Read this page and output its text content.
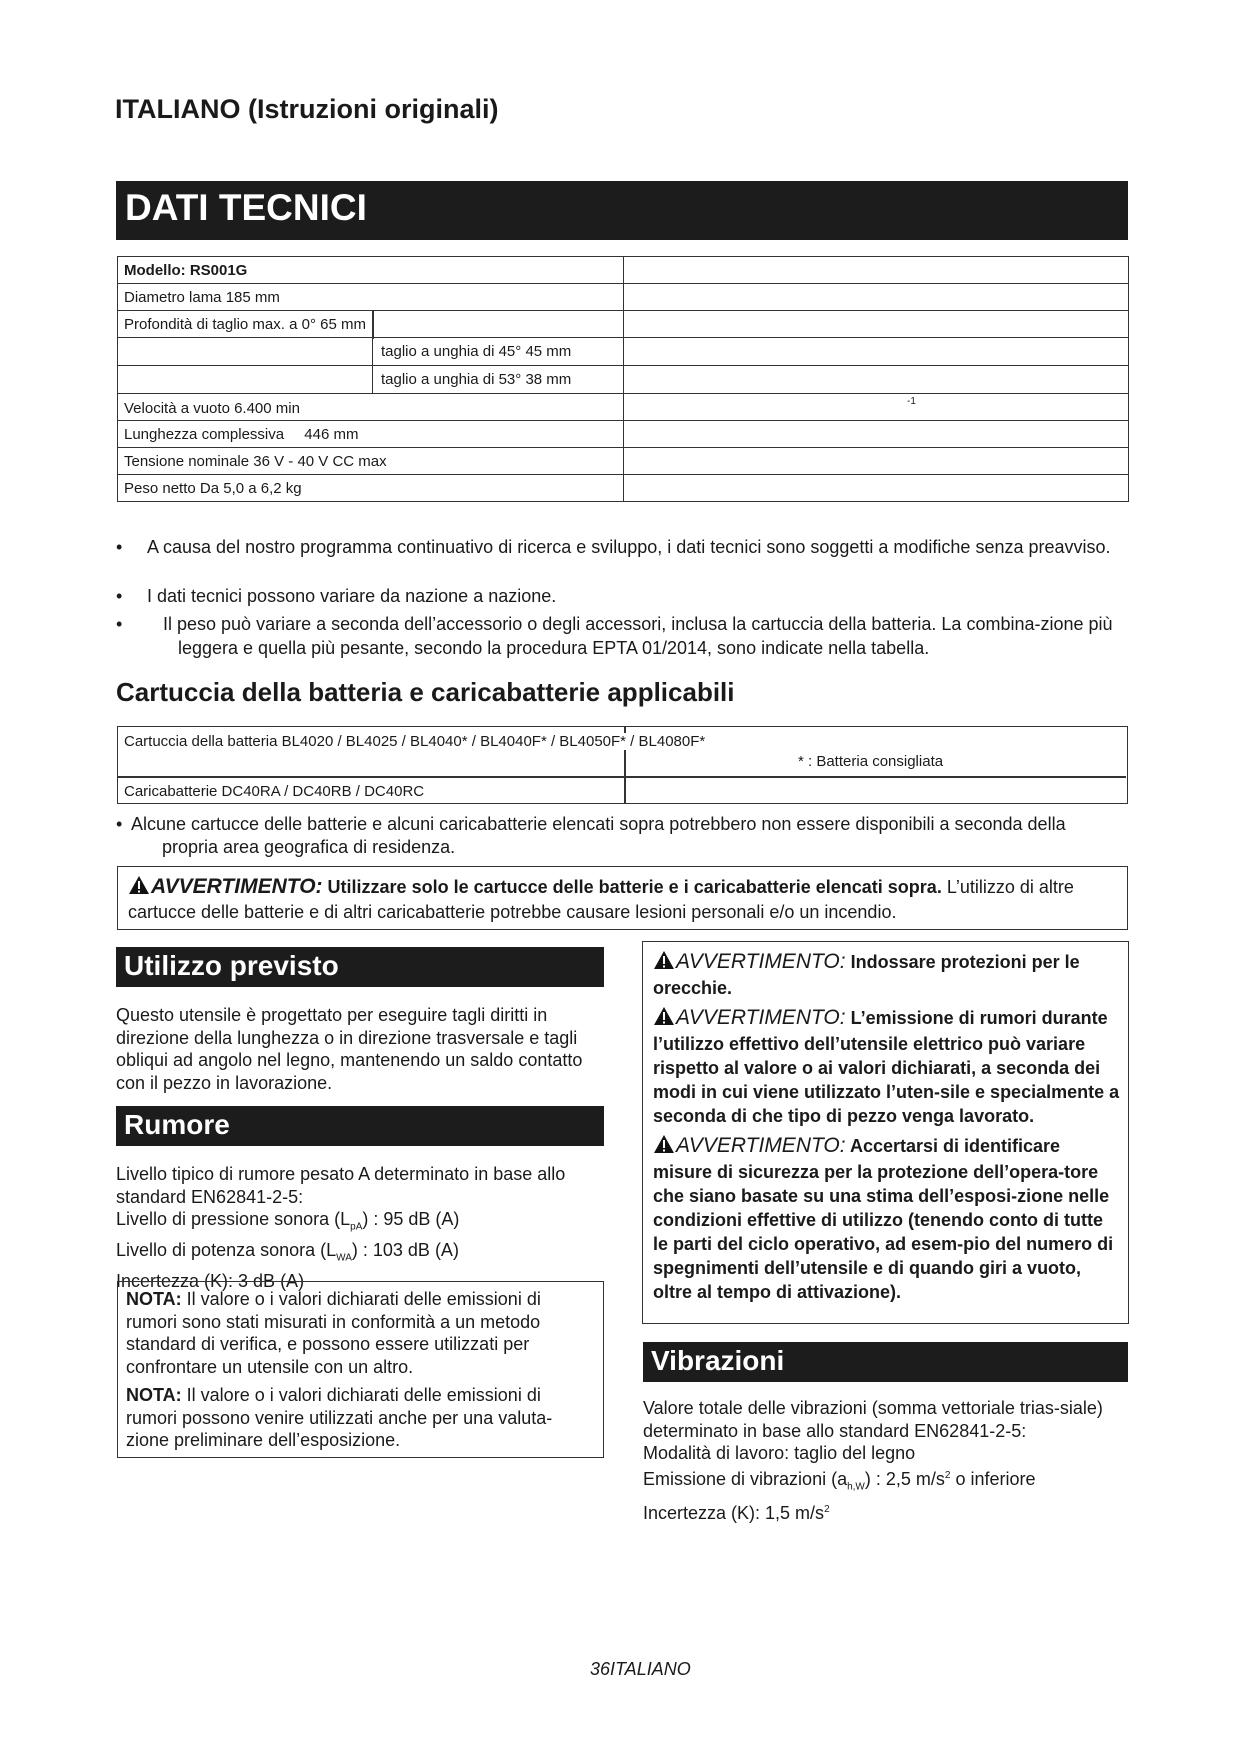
ITALIANO (Istruzioni originali)
DATI TECNICI
Modello: RS001G	
Diametro lama 185 mm	
Profondità di taglio max. a 0° 65 mm

taglio a unghia di 45° 45 mm	

taglio a unghia di 53° 38 mm	

Velocità a vuoto 6.400 min	-1

Lunghezza complessiva 446 mm	
Tensione nominale 36 V - 40 V CC max	
Peso netto Da 5,0 a 6,2 kg	
• A causa del nostro programma continuativo di ricerca e sviluppo, i dati tecnici sono soggetti a modifiche senza preavviso.
• I dati tecnici possono variare da nazione a nazione.
• Il peso può variare a seconda dell’accessorio o degli accessori, inclusa la cartuccia della batteria. La combina-zione più leggera e quella più pesante, secondo la procedura EPTA 01/2014, sono indicate nella tabella.
Cartuccia della batteria e caricabatterie applicabili
Cartuccia della batteria BL4020 / BL4025 / BL4040* / BL4040F* / BL4050F* / BL4080F*
* : Batteria consigliata
Caricabatterie DC40RA / DC40RB / DC40RC
• Alcune cartucce delle batterie e alcuni caricabatterie elencati sopra potrebbero non essere disponibili a seconda della propria area geografica di residenza.
AVVERTIMENTO: Utilizzare solo le cartucce delle batterie e i caricabatterie elencati sopra. L’utilizzo di altre cartucce delle batterie e di altri caricabatterie potrebbe causare lesioni personali e/o un incendio.
Utilizzo previsto
Questo utensile è progettato per eseguire tagli diritti in direzione della lunghezza o in direzione trasversale e tagli obliqui ad angolo nel legno, mantenendo un saldo contatto con il pezzo in lavorazione.
Rumore
Livello tipico di rumore pesato A determinato in base allo standard EN62841-2-5:
Livello di pressione sonora $(L_{pA})$ : 95 dB (A)
Livello di potenza sonora $(L_{WA})$ : 103 dB (A)
Incertezza (K): 3 dB (A)
NOTA: Il valore o i valori dichiarati delle emissioni di rumori sono stati misurati in conformità a un metodo standard di verifica, e possono essere utilizzati per confrontare un utensile con un altro.
NOTA: Il valore o i valori dichiarati delle emissioni di rumori possono venire utilizzati anche per una valuta-zione preliminare dell’esposizione.
AVVERTIMENTO: Indossare protezioni per le orecchie.
AVVERTIMENTO: L’emissione di rumori durante l’utilizzo effettivo dell’utensile elettrico può variare rispetto al valore o ai valori dichiarati, a seconda dei modi in cui viene utilizzato l’uten-sile e specialmente a seconda di che tipo di pezzo venga lavorato.
AVVERTIMENTO: Accertarsi di identificare misure di sicurezza per la protezione dell’opera-tore che siano basate su una stima dell’esposi-zione nelle condizioni effettive di utilizzo (tenendo conto di tutte le parti del ciclo operativo, ad esem-pio del numero di spegnimenti dell’utensile e di quando giri a vuoto, oltre al tempo di attivazione).
Vibrazioni
Valore totale delle vibrazioni (somma vettoriale trias-siale) determinato in base allo standard EN62841-2-5:
Modalità di lavoro: taglio del legno
Emissione di vibrazioni $(a_{h,W})$ : 2,5 $m/s^2$ o inferiore
Incertezza (K): 1,5 $m/s^2$
36ITALIANO
